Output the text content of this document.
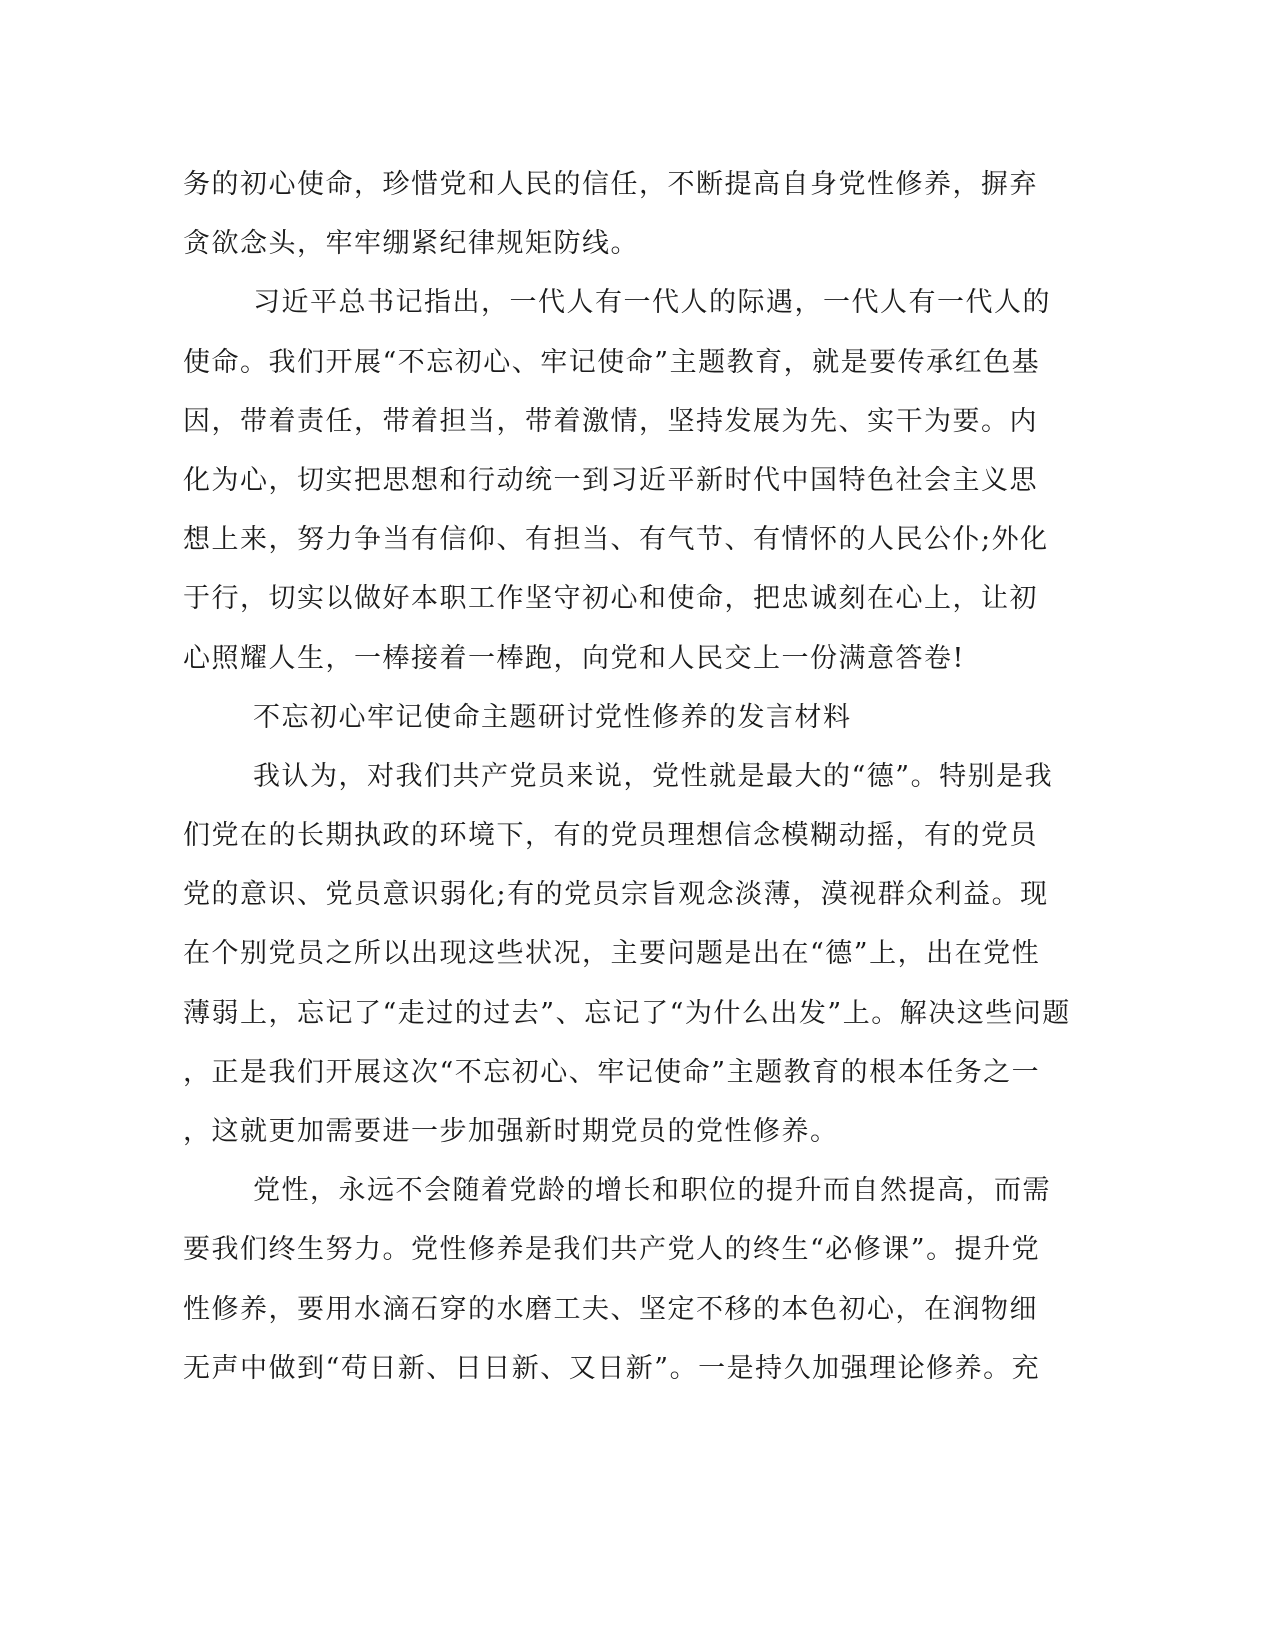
务的初心使命，珍惜党和人民的信任，不断提高自身党性修养，摒弃
贪欲念头，牢牢绷紧纪律规矩防线。
习近平总书记指出，一代人有一代人的际遇，一代人有一代人的
使命。我们开展“不忘初心、牢记使命”主题教育，就是要传承红色基
因，带着责任，带着担当，带着激情，坚持发展为先、实干为要。内
化为心，切实把思想和行动统一到习近平新时代中国特色社会主义思
想上来，努力争当有信仰、有担当、有气节、有情怀的人民公仆;外化
于行，切实以做好本职工作坚守初心和使命，把忠诚刻在心上，让初
心照耀人生，一棒接着一棒跑，向党和人民交上一份满意答卷!
不忘初心牢记使命主题研讨党性修养的发言材料
我认为，对我们共产党员来说，党性就是最大的“德”。特别是我
们党在的长期执政的环境下，有的党员理想信念模糊动摇，有的党员
党的意识、党员意识弱化;有的党员宗旨观念淡薄，漠视群众利益。现
在个别党员之所以出现这些状况，主要问题是出在“德”上，出在党性
薄弱上，忘记了“走过的过去”、忘记了“为什么出发”上。解决这些问题
，正是我们开展这次“不忘初心、牢记使命”主题教育的根本任务之一
，这就更加需要进一步加强新时期党员的党性修养。
党性，永远不会随着党龄的增长和职位的提升而自然提高，而需
要我们终生努力。党性修养是我们共产党人的终生“必修课”。提升党
性修养，要用水滴石穿的水磨工夫、坚定不移的本色初心，在润物细
无声中做到“苟日新、日日新、又日新”。一是持久加强理论修养。充
